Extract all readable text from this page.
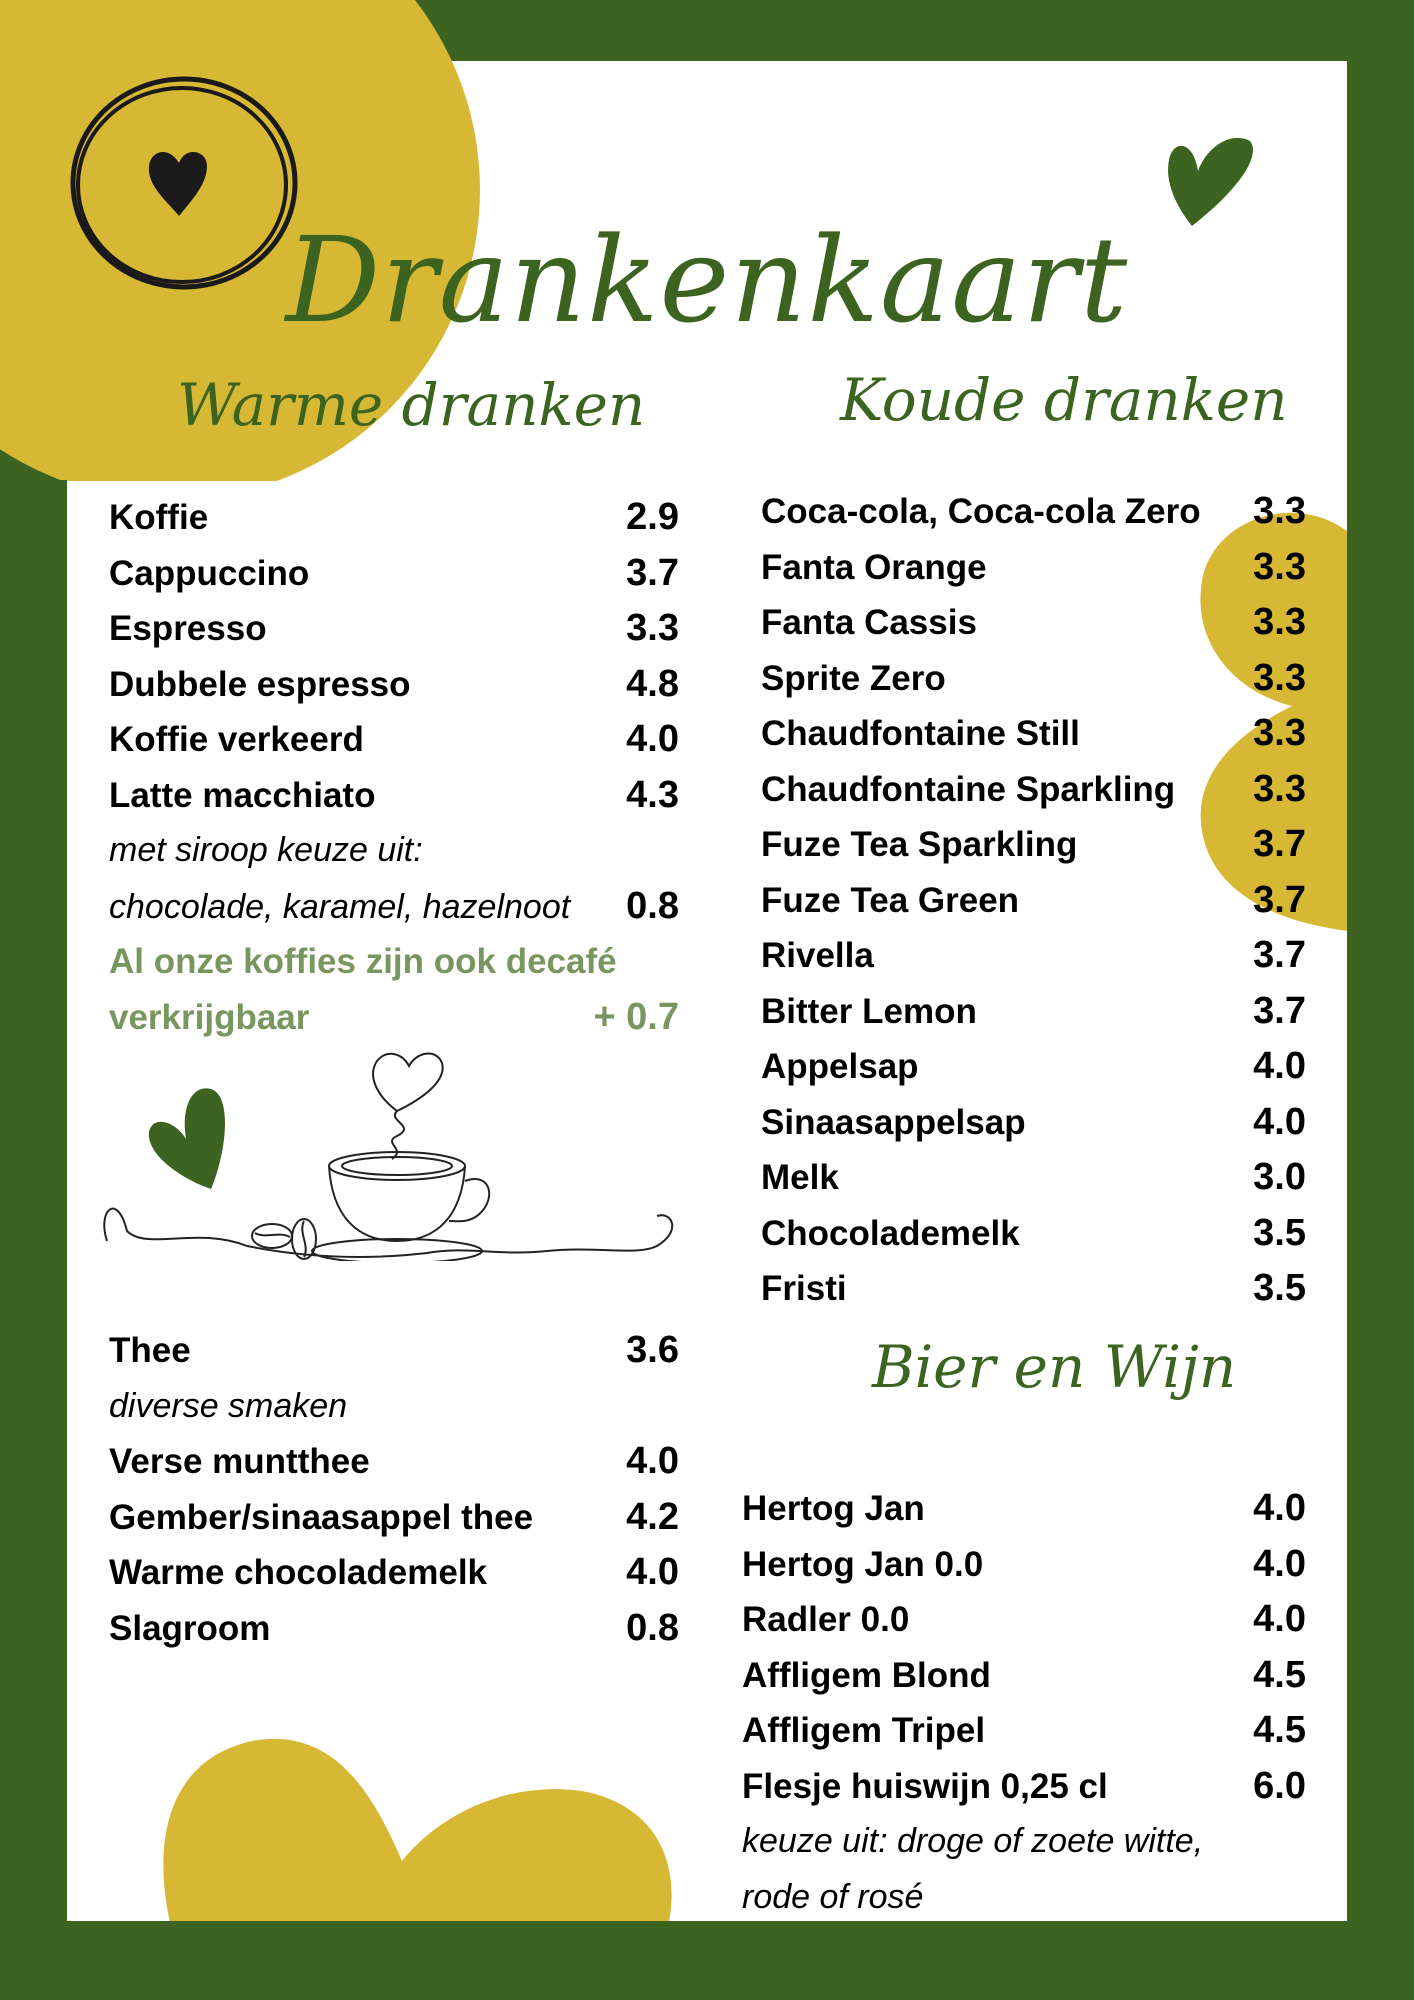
Drankenkaart
Warme dranken
Koffie	2.9
Cappuccino	3.7
Espresso	3.3
Dubbele espresso	4.8
Koffie verkeerd	4.0
Latte macchiato	4.3
met siroop keuze uit:
chocolade, karamel, hazelnoot 0.8
Al onze koffies zijn ook decafé
verkrijgbaar	+ 0.7
Thee	3.6
diverse smaken
Verse muntthee	4.0
Gember/sinaasappel thee 4.2
Warme chocolademelk	4.0
Slagroom	0.8
Koude dranken
Coca-cola, Coca-cola Zero 3.3
Fanta Orange	3.3
Fanta Cassis	3.3
Sprite Zero	3.3
Chaudfontaine Still	3.3
Chaudfontaine Sparkling 3.3
Fuze Tea Sparkling	3.7
Fuze Tea Green	3.7
Rivella	3.7
Bitter Lemon	3.7
Appelsap	4.0
Sinaasappelsap	4.0
Melk	3.0
Chocolademelk	3.5
Fristi	3.5
Bier en Wijn
Hertog Jan	4.0
Hertog Jan 0.0	4.0
Radler 0.0	4.0
Affligem Blond	4.5
Affligem Tripel	4.5
Flesje huiswijn 0,25 cl	6.0
keuze uit: droge of zoete witte,
rode of rosé
